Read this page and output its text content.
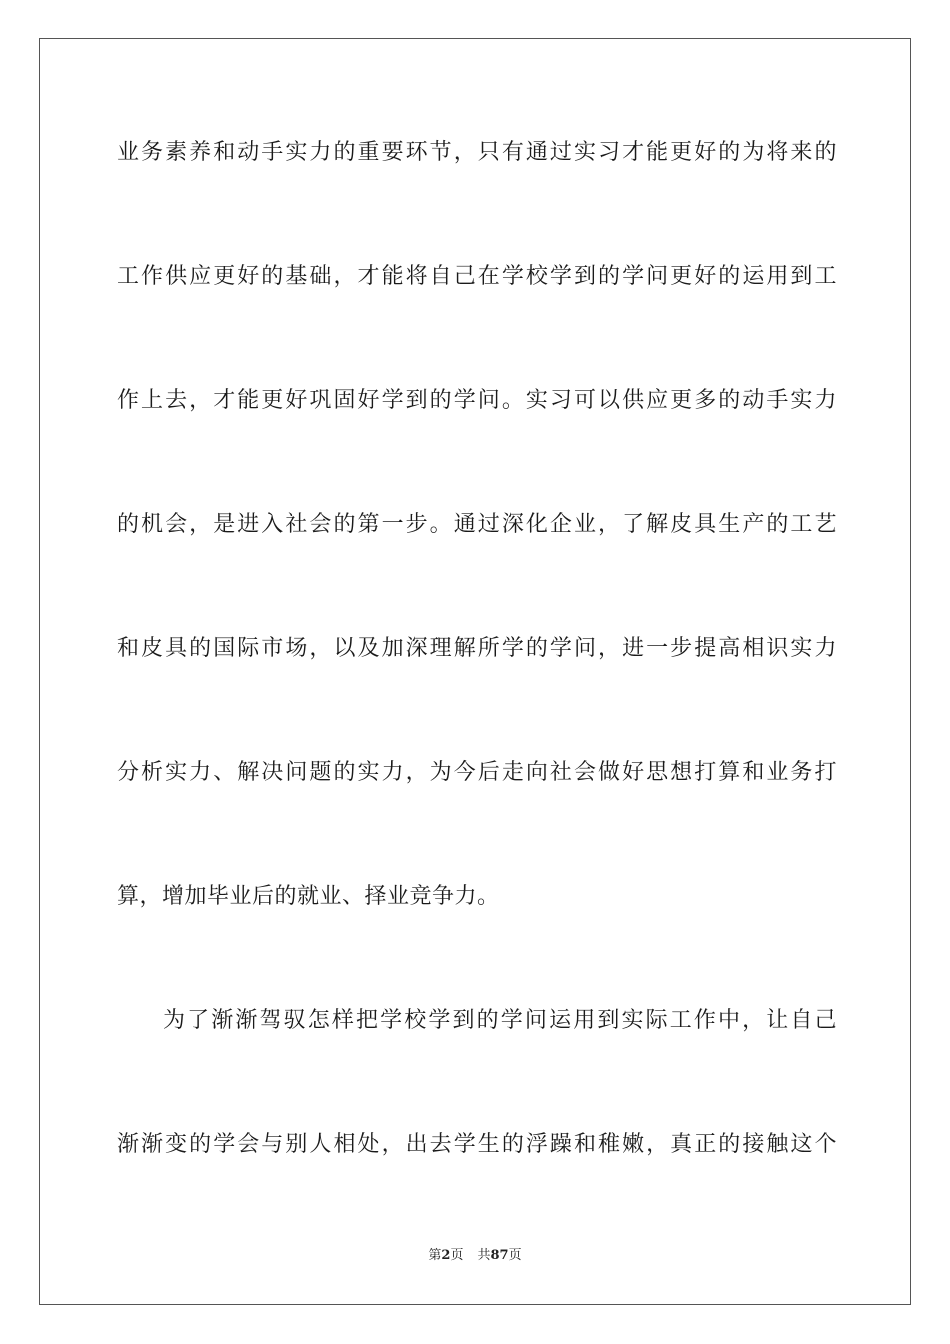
业务素养和动手实力的重要环节，只有通过实习才能更好的为将来的
工作供应更好的基础，才能将自己在学校学到的学问更好的运用到工
作上去，才能更好巩固好学到的学问。实习可以供应更多的动手实力
的机会，是进入社会的第一步。通过深化企业，了解皮具生产的工艺
和皮具的国际市场，以及加深理解所学的学问，进一步提高相识实力
分析实力、解决问题的实力，为今后走向社会做好思想打算和业务打
算，增加毕业后的就业、择业竞争力。
为了渐渐驾驭怎样把学校学到的学问运用到实际工作中，让自己
渐渐变的学会与别人相处，出去学生的浮躁和稚嫩，真正的接触这个
第2页 共87页
